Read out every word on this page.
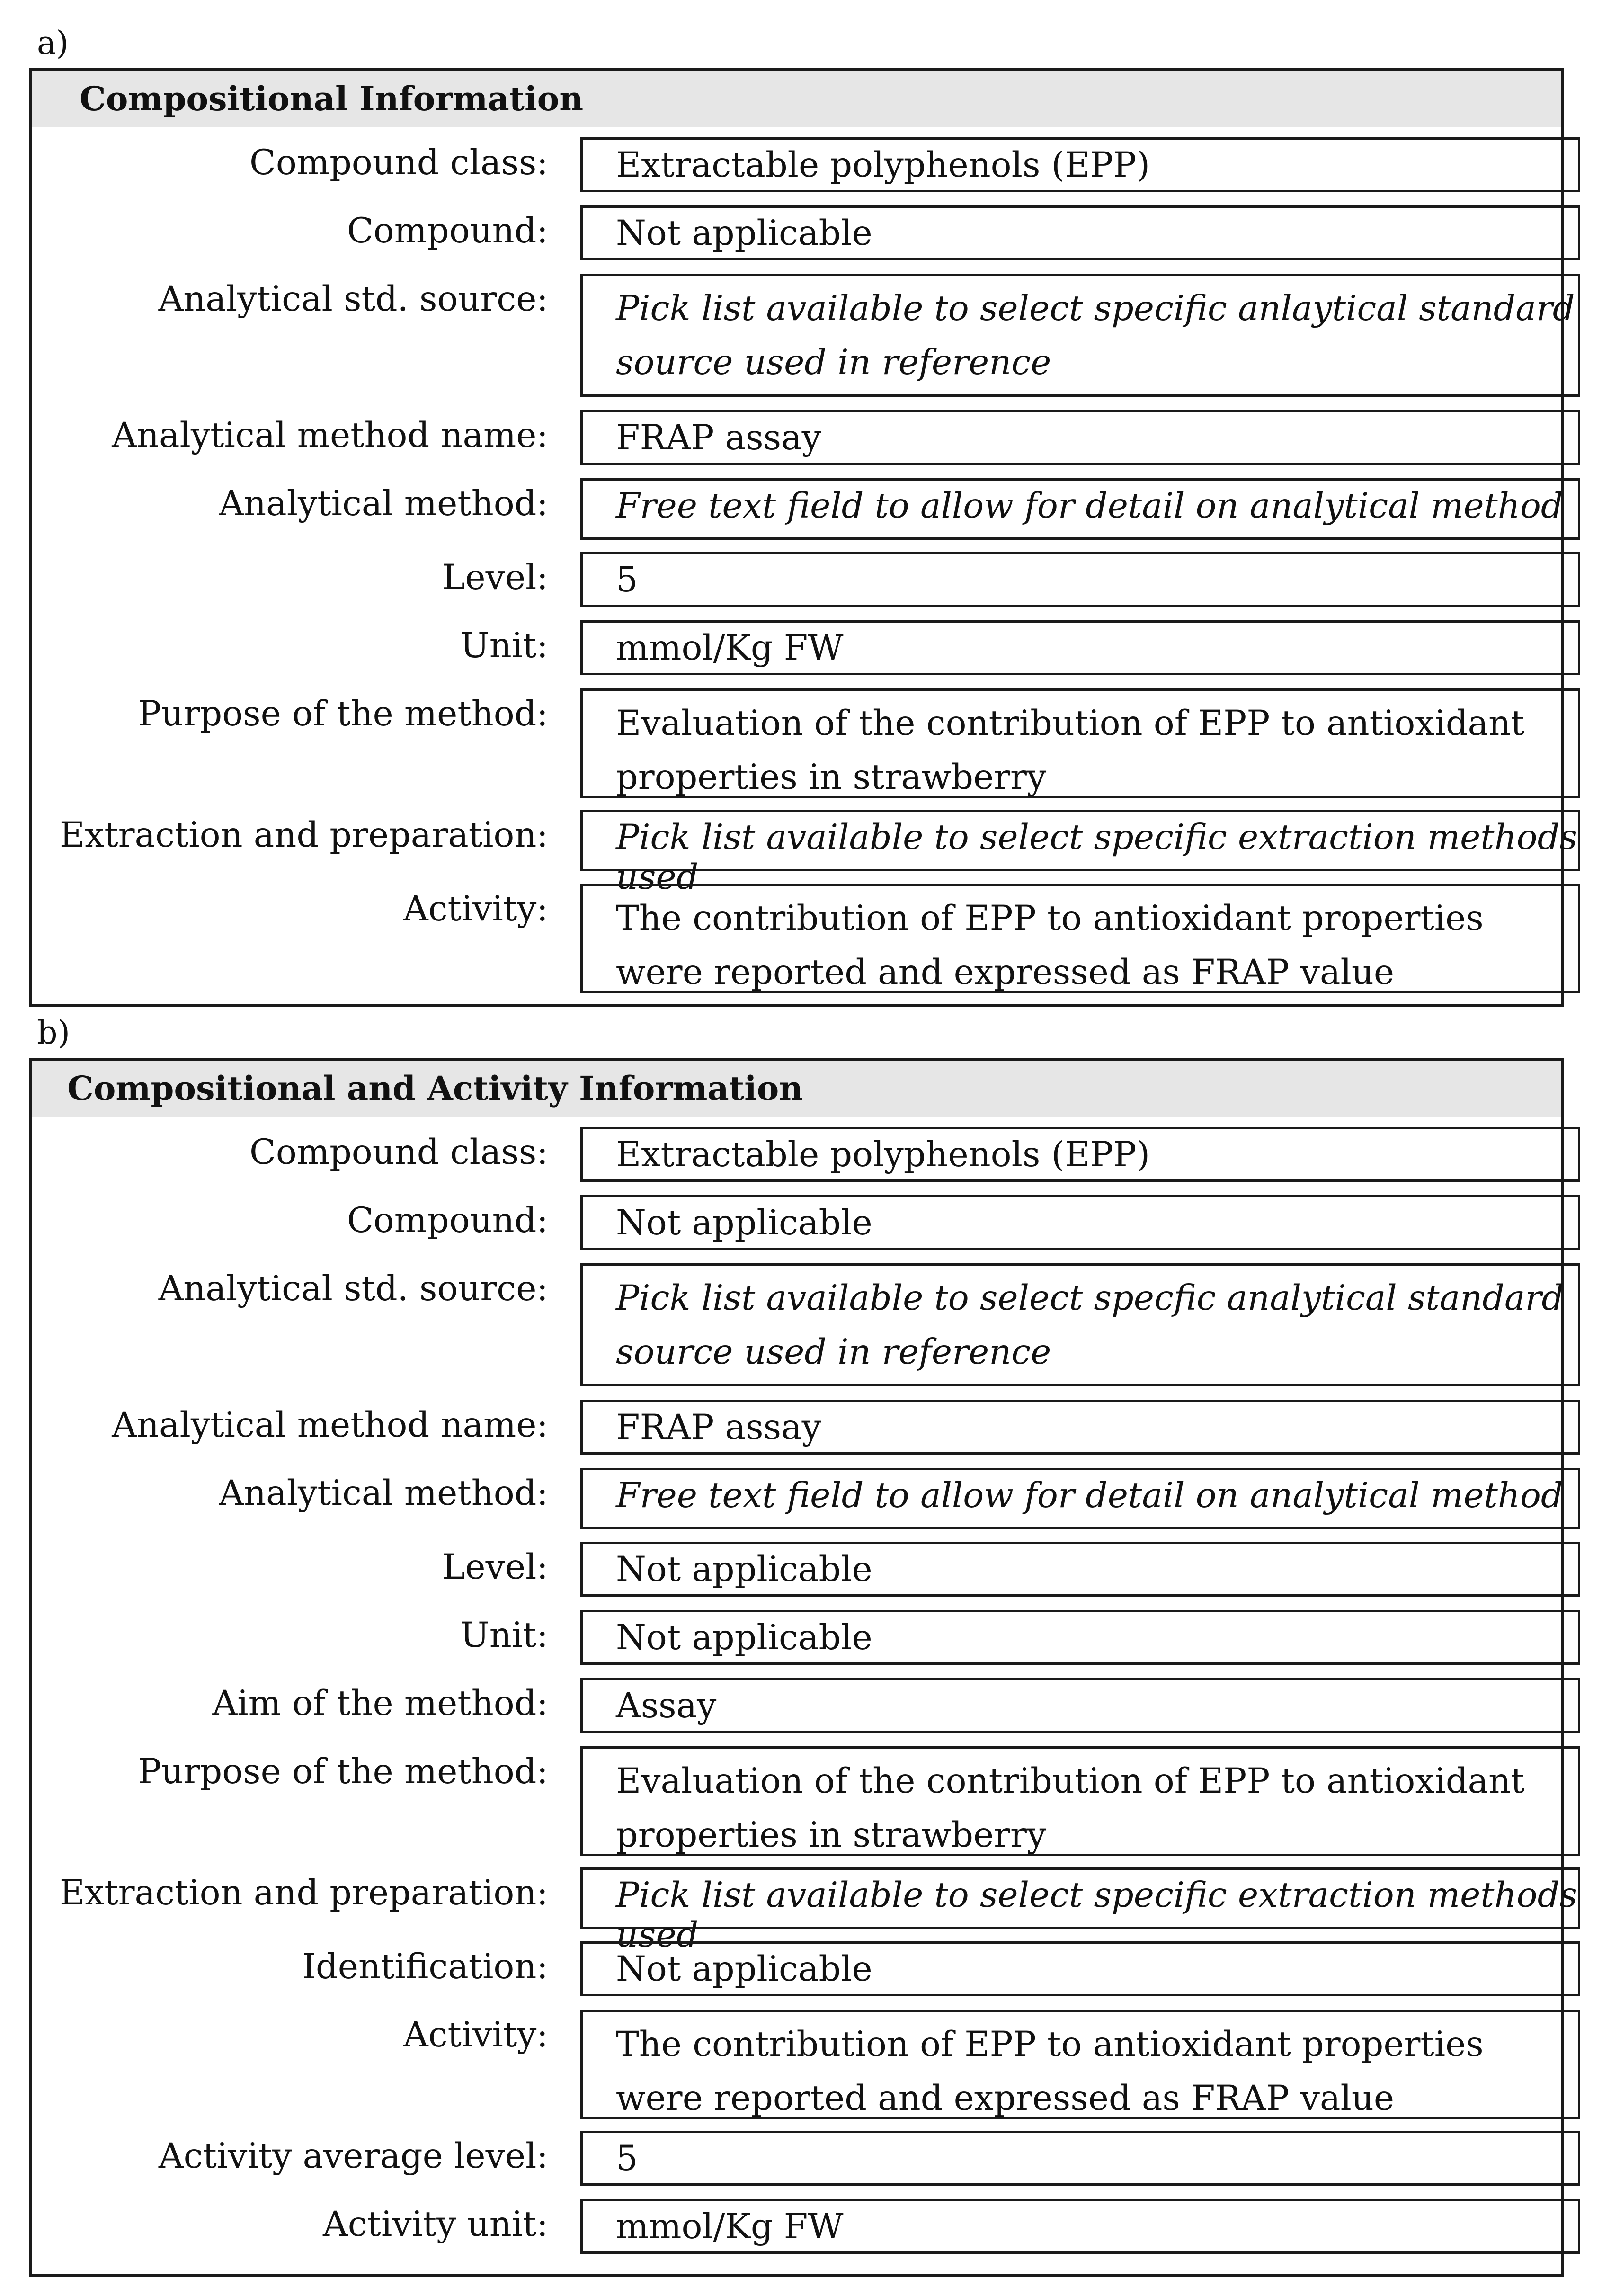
a)
Compositional Information
Compound class:	Extractable polyphenols (EPP)
Compound:	Not applicable
Analytical std. source:	Pick list available to select specific anlaytical standard source used in reference
Analytical method name:	FRAP assay
Analytical method:	Free text field to allow for detail on analytical method
Level:	5
Unit:	mmol/Kg FW
Purpose of the method:	Evaluation of the contribution of EPP to antioxidant properties in strawberry
Extraction and preparation:	Pick list available to select specific extraction methods used
Activity:	The contribution of EPP to antioxidant properties were reported and expressed as FRAP value
b)
Compositional and Activity Information
Compound class:	Extractable polyphenols (EPP)
Compound:	Not applicable
Analytical std. source:	Pick list available to select specfic analytical standard source used in reference
Analytical method name:	FRAP assay
Analytical method:	Free text field to allow for detail on analytical method
Level:	Not applicable
Unit:	Not applicable
Aim of the method:	Assay
Purpose of the method:	Evaluation of the contribution of EPP to antioxidant properties in strawberry
Extraction and preparation:	Pick list available to select specific extraction methods used
Identification:	Not applicable
Activity:	The contribution of EPP to antioxidant properties were reported and expressed as FRAP value
Activity average level:	5
Activity unit:	mmol/Kg FW
